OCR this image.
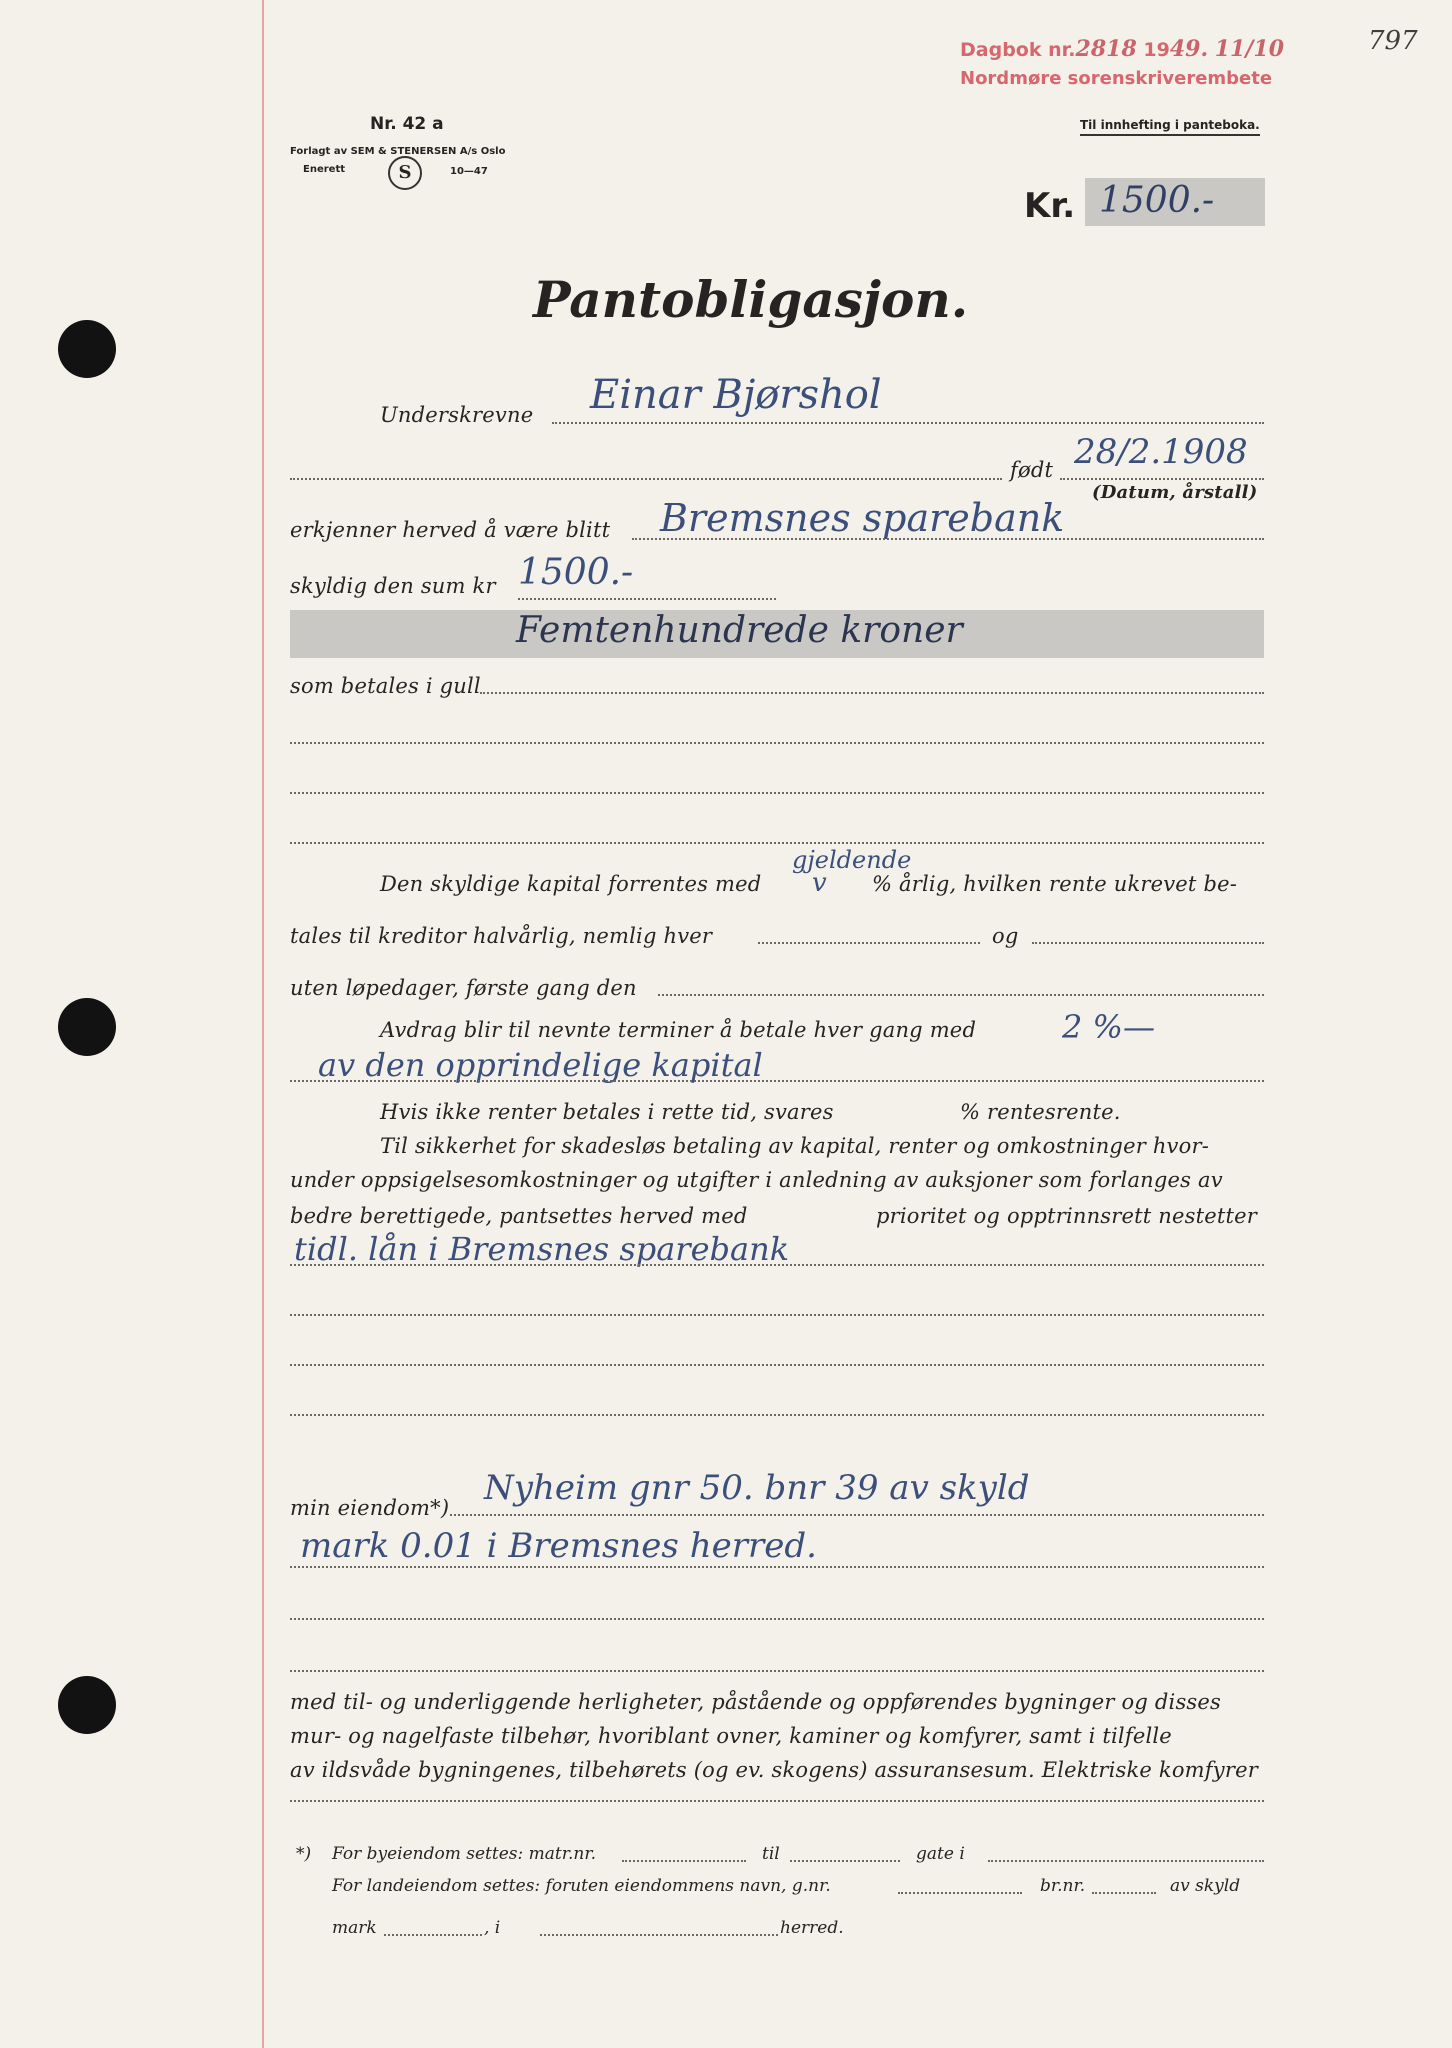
Dagbok nr.2818 1949. 11/10
Nordmøre sorenskriverembete
797
Nr. 42 a
Forlagt av SEM & STENERSEN A/s Oslo
S
Enerett	10—47
Til innhefting i panteboka.
Kr. 1500.-
Pantobligasjon.
Einar Bjørshol
Underskrevne
28/2.1908
født
(Datum, årstall)
erkjenner herved å være blitt Bremsnes sparebank
skyldig den sum kr 1500.-
Femtenhundrede kroner
som betales i gull
gjeldende
Den skyldige kapital forrentes med v % årlig, hvilken rente ukrevet be-
tales til kreditor halvårlig, nemlig hver	og
uten løpedager, første gang den
Avdrag blir til nevnte terminer å betale hver gang med	2 %—
av den opprindelige kapital
Hvis ikke renter betales i rette tid, svares	% rentesrente.
Til sikkerhet for skadesløs betaling av kapital, renter og omkostninger hvor-
under oppsigelsesomkostninger og utgifter i anledning av auksjoner som forlanges av
bedre berettigede, pantsettes herved med	prioritet og opptrinnsrett nestetter
tidl. lån i Bremsnes sparebank
min eiendom*) Nyheim gnr 50. bnr 39 av skyld
mark 0.01 i Bremsnes herred.
med til- og underliggende herligheter, påstående og oppførendes bygninger og disses
mur- og nagelfaste tilbehør, hvoriblant ovner, kaminer og komfyrer, samt i tilfelle
av ildsvåde bygningenes, tilbehørets (og ev. skogens) assuransesum. Elektriske komfyrer
*) For byeiendom settes: matr.nr.	til	gate i
For landeiendom settes: foruten eiendommens navn, g.nr.	br.nr.	av skyld
mark	, i	herred.
